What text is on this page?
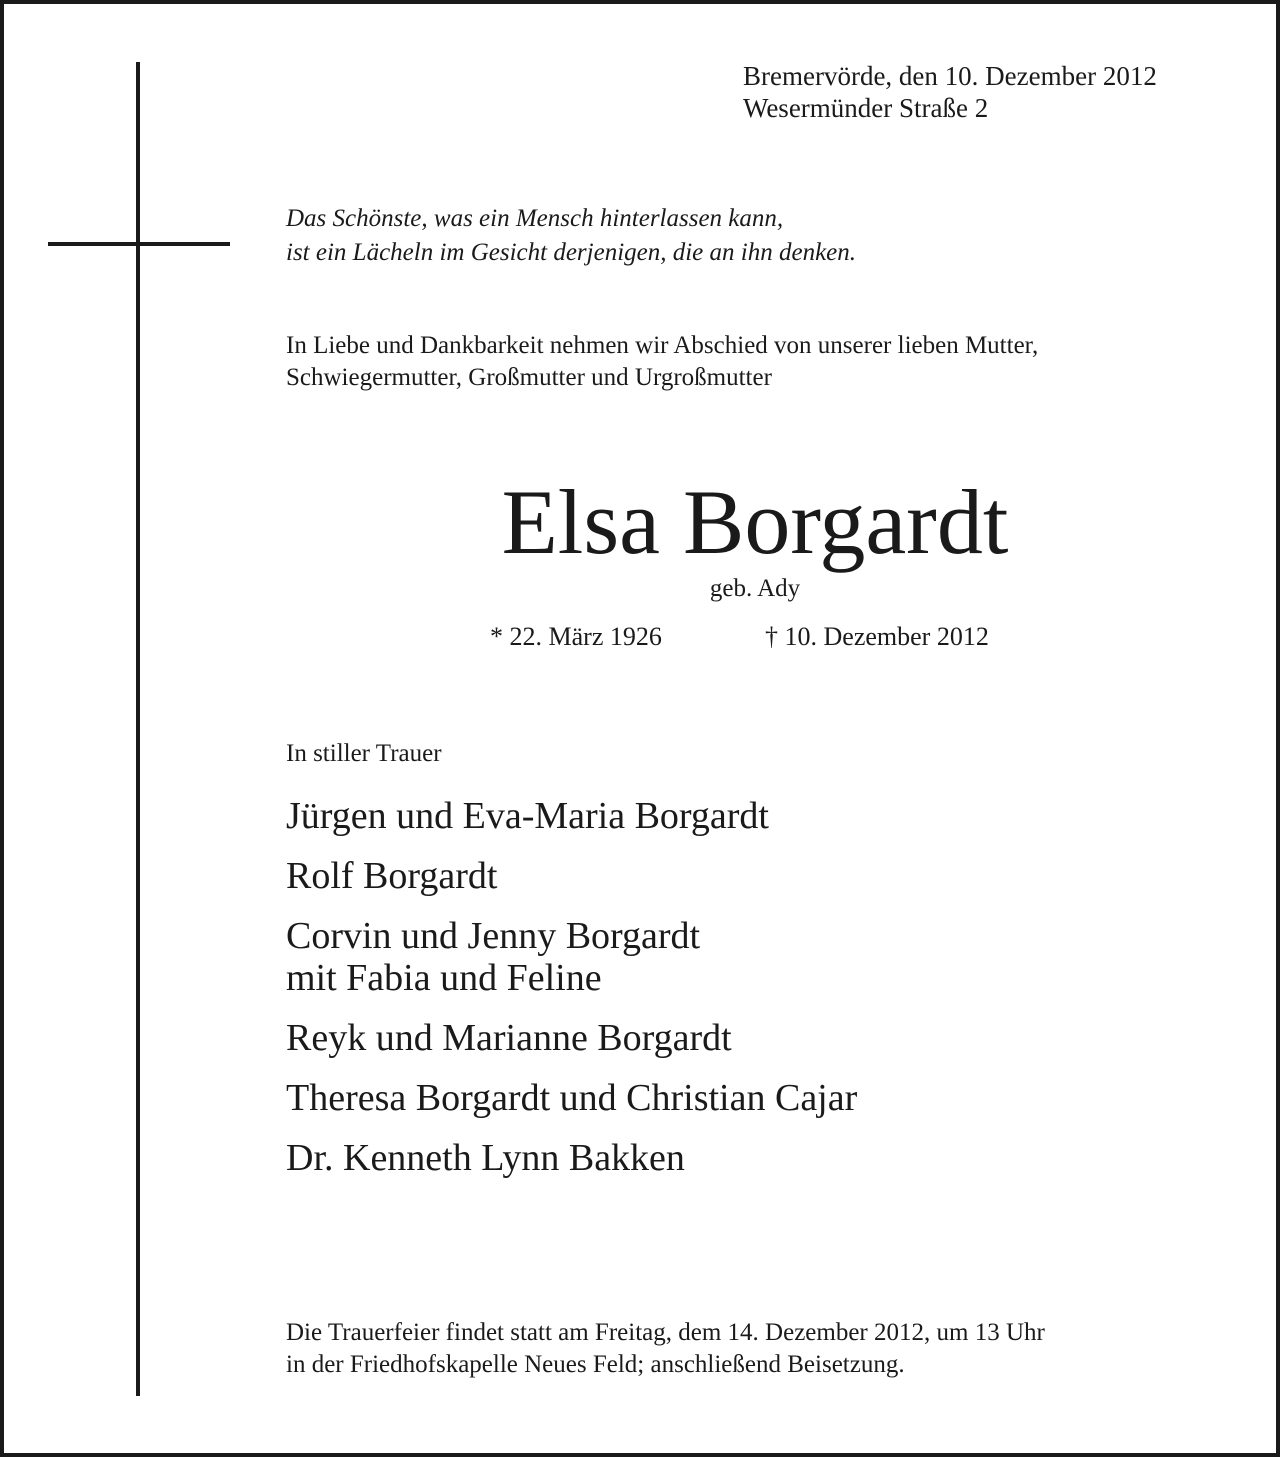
Bremervörde, den 10. Dezember 2012
Wesermünder Straße 2
Das Schönste, was ein Mensch hinterlassen kann,
ist ein Lächeln im Gesicht derjenigen, die an ihn denken.
In Liebe und Dankbarkeit nehmen wir Abschied von unserer lieben Mutter,
Schwiegermutter, Großmutter und Urgroßmutter
Elsa Borgardt
geb. Ady
* 22. März 1926	† 10. Dezember 2012
In stiller Trauer
Jürgen und Eva-Maria Borgardt
Rolf Borgardt
Corvin und Jenny Borgardt
mit Fabia und Feline
Reyk und Marianne Borgardt
Theresa Borgardt und Christian Cajar
Dr. Kenneth Lynn Bakken
Die Trauerfeier findet statt am Freitag, dem 14. Dezember 2012, um 13 Uhr
in der Friedhofskapelle Neues Feld; anschließend Beisetzung.
